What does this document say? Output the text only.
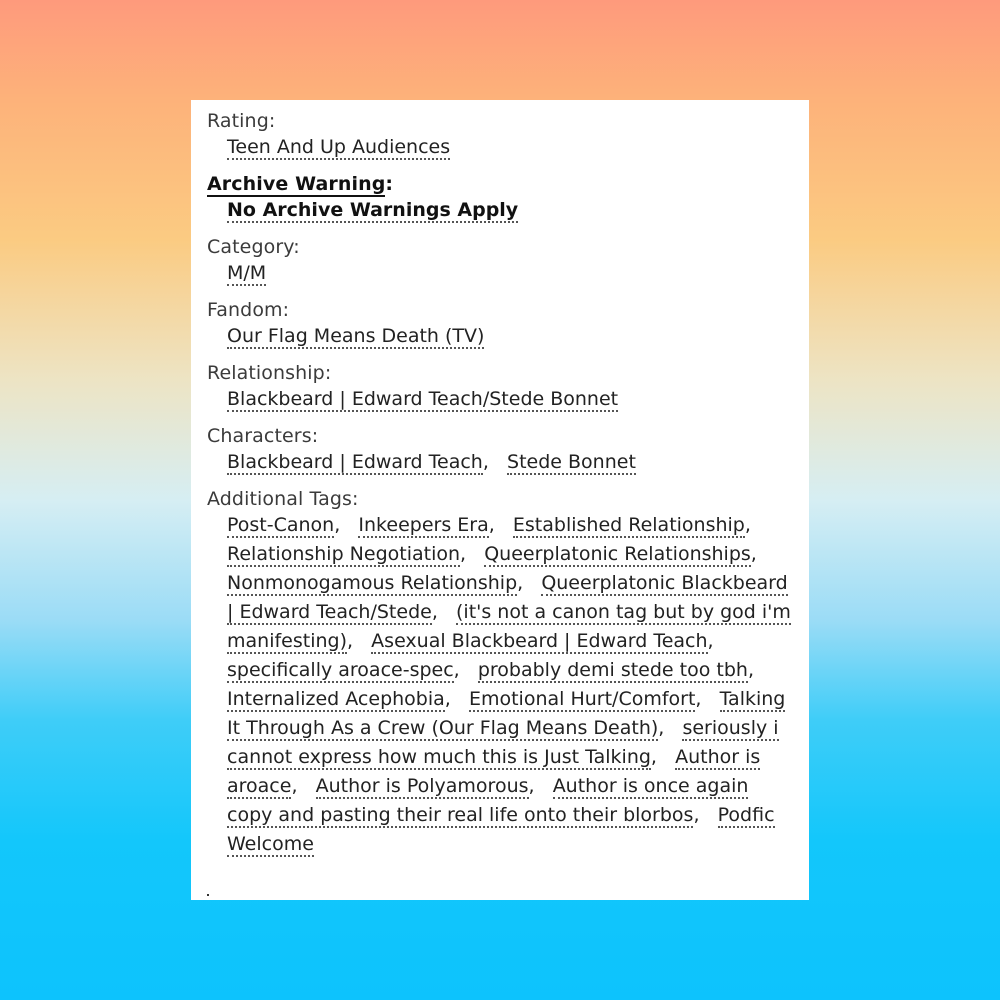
Rating:
Teen And Up Audiences
Archive Warning:
No Archive Warnings Apply
Category:
M/M
Fandom:
Our Flag Means Death (TV)
Relationship:
Blackbeard | Edward Teach/Stede Bonnet
Characters:
Blackbeard | Edward Teach, Stede Bonnet
Additional Tags:
Post-Canon, Inkeepers Era, Established Relationship,   Relationship Negotiation, Queerplatonic Relationships,   Nonmonogamous Relationship, Queerplatonic Blackbeard | Edward Teach/Stede, (it's not a canon tag but by god i'm manifesting), Asexual Blackbeard | Edward Teach,   specifically aroace-spec, probably demi stede too tbh,   Internalized Acephobia, Emotional Hurt/Comfort, Talking It Through As a Crew (Our Flag Means Death), seriously i cannot express how much this is Just Talking, Author is aroace, Author is Polyamorous, Author is once again copy and pasting their real life onto their blorbos, Podfic Welcome
